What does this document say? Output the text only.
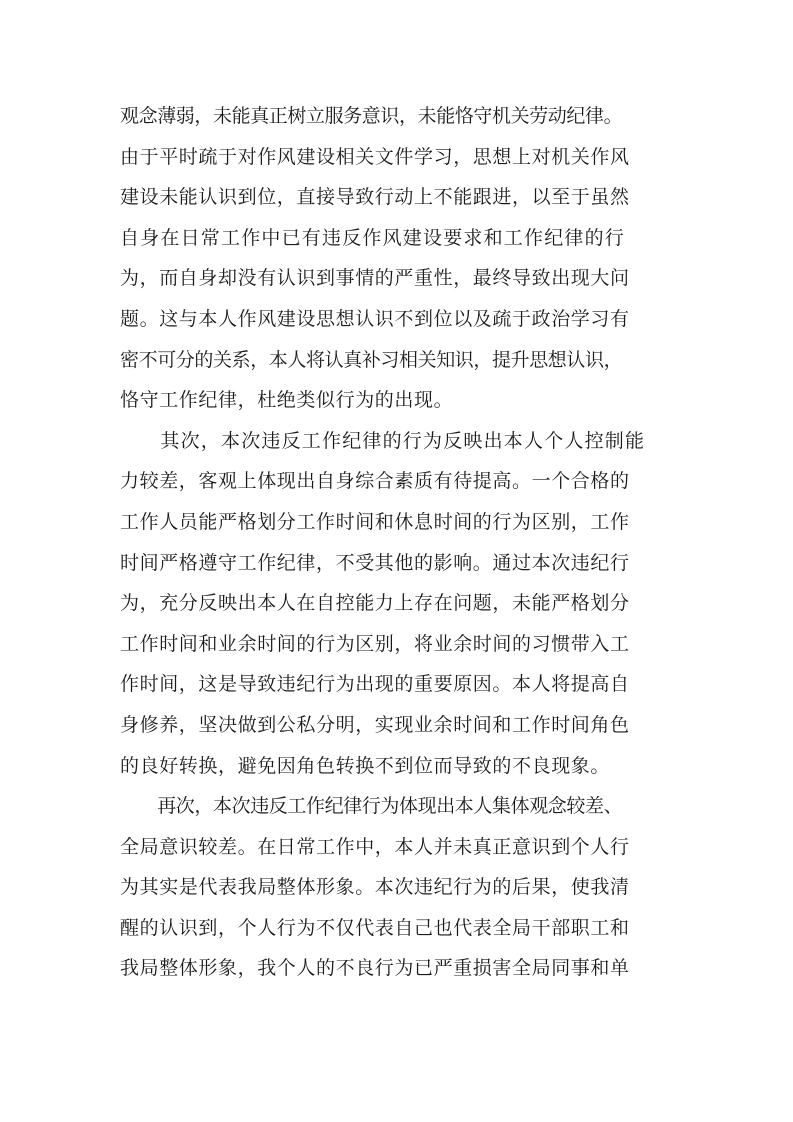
观念薄弱，未能真正树立服务意识，未能恪守机关劳动纪律。
由于平时疏于对作风建设相关文件学习，思想上对机关作风
建设未能认识到位，直接导致行动上不能跟进，以至于虽然
自身在日常工作中已有违反作风建设要求和工作纪律的行
为，而自身却没有认识到事情的严重性，最终导致出现大问
题。这与本人作风建设思想认识不到位以及疏于政治学习有
密不可分的关系，本人将认真补习相关知识，提升思想认识，
恪守工作纪律，杜绝类似行为的出现。
　　其次，本次违反工作纪律的行为反映出本人个人控制能
力较差，客观上体现出自身综合素质有待提高。一个合格的
工作人员能严格划分工作时间和休息时间的行为区别，工作
时间严格遵守工作纪律，不受其他的影响。通过本次违纪行
为，充分反映出本人在自控能力上存在问题，未能严格划分
工作时间和业余时间的行为区别，将业余时间的习惯带入工
作时间，这是导致违纪行为出现的重要原因。本人将提高自
身修养，坚决做到公私分明，实现业余时间和工作时间角色
的良好转换，避免因角色转换不到位而导致的不良现象。
　　再次，本次违反工作纪律行为体现出本人集体观念较差、
全局意识较差。在日常工作中，本人并未真正意识到个人行
为其实是代表我局整体形象。本次违纪行为的后果，使我清
醒的认识到，个人行为不仅代表自己也代表全局干部职工和
我局整体形象，我个人的不良行为已严重损害全局同事和单
